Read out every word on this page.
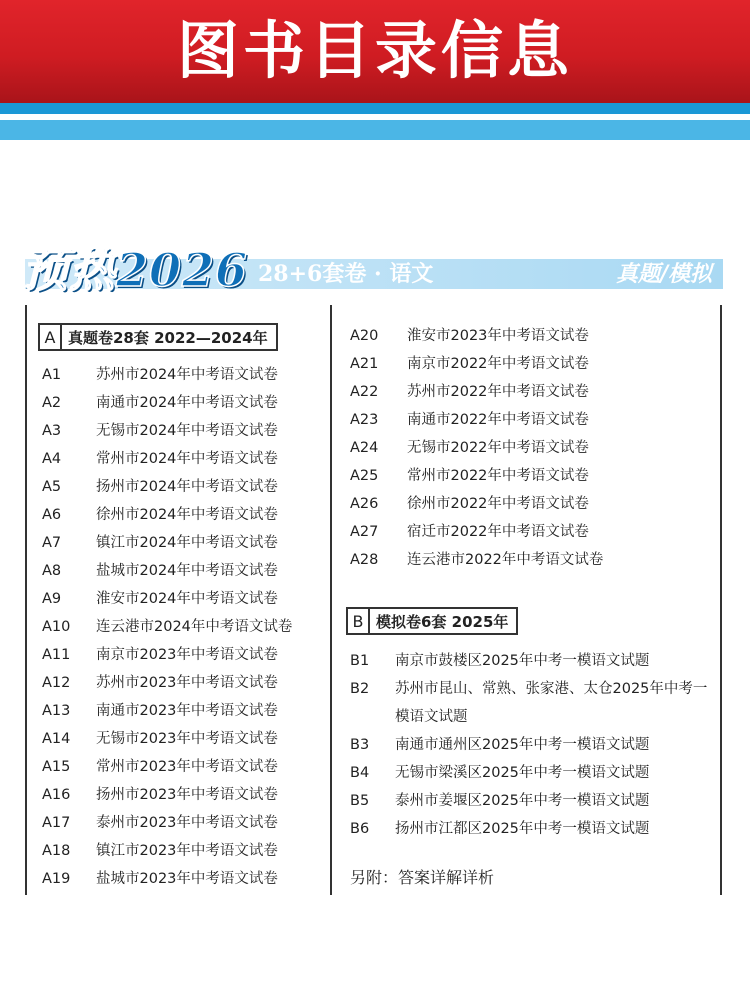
图书目录信息
预热2026 28+6套卷 · 语文	真题/模拟
A 真题卷28套 2022—2024年
A1	苏州市2024年中考语文试卷
A2	南通市2024年中考语文试卷
A3	无锡市2024年中考语文试卷
A4	常州市2024年中考语文试卷
A5	扬州市2024年中考语文试卷
A6	徐州市2024年中考语文试卷
A7	镇江市2024年中考语文试卷
A8	盐城市2024年中考语文试卷
A9	淮安市2024年中考语文试卷
A10	连云港市2024年中考语文试卷
A11	南京市2023年中考语文试卷
A12	苏州市2023年中考语文试卷
A13	南通市2023年中考语文试卷
A14	无锡市2023年中考语文试卷
A15	常州市2023年中考语文试卷
A16	扬州市2023年中考语文试卷
A17	泰州市2023年中考语文试卷
A18	镇江市2023年中考语文试卷
A19	盐城市2023年中考语文试卷
A20	淮安市2023年中考语文试卷
A21	南京市2022年中考语文试卷
A22	苏州市2022年中考语文试卷
A23	南通市2022年中考语文试卷
A24	无锡市2022年中考语文试卷
A25	常州市2022年中考语文试卷
A26	徐州市2022年中考语文试卷
A27	宿迁市2022年中考语文试卷
A28	连云港市2022年中考语文试卷
B 模拟卷6套 2025年
B1	南京市鼓楼区2025年中考一模语文试题
B2	苏州市昆山、常熟、张家港、太仓2025年中考一模语文试题
B3	南通市通州区2025年中考一模语文试题
B4	无锡市梁溪区2025年中考一模语文试题
B5	泰州市姜堰区2025年中考一模语文试题
B6	扬州市江都区2025年中考一模语文试题
另附：答案详解详析
